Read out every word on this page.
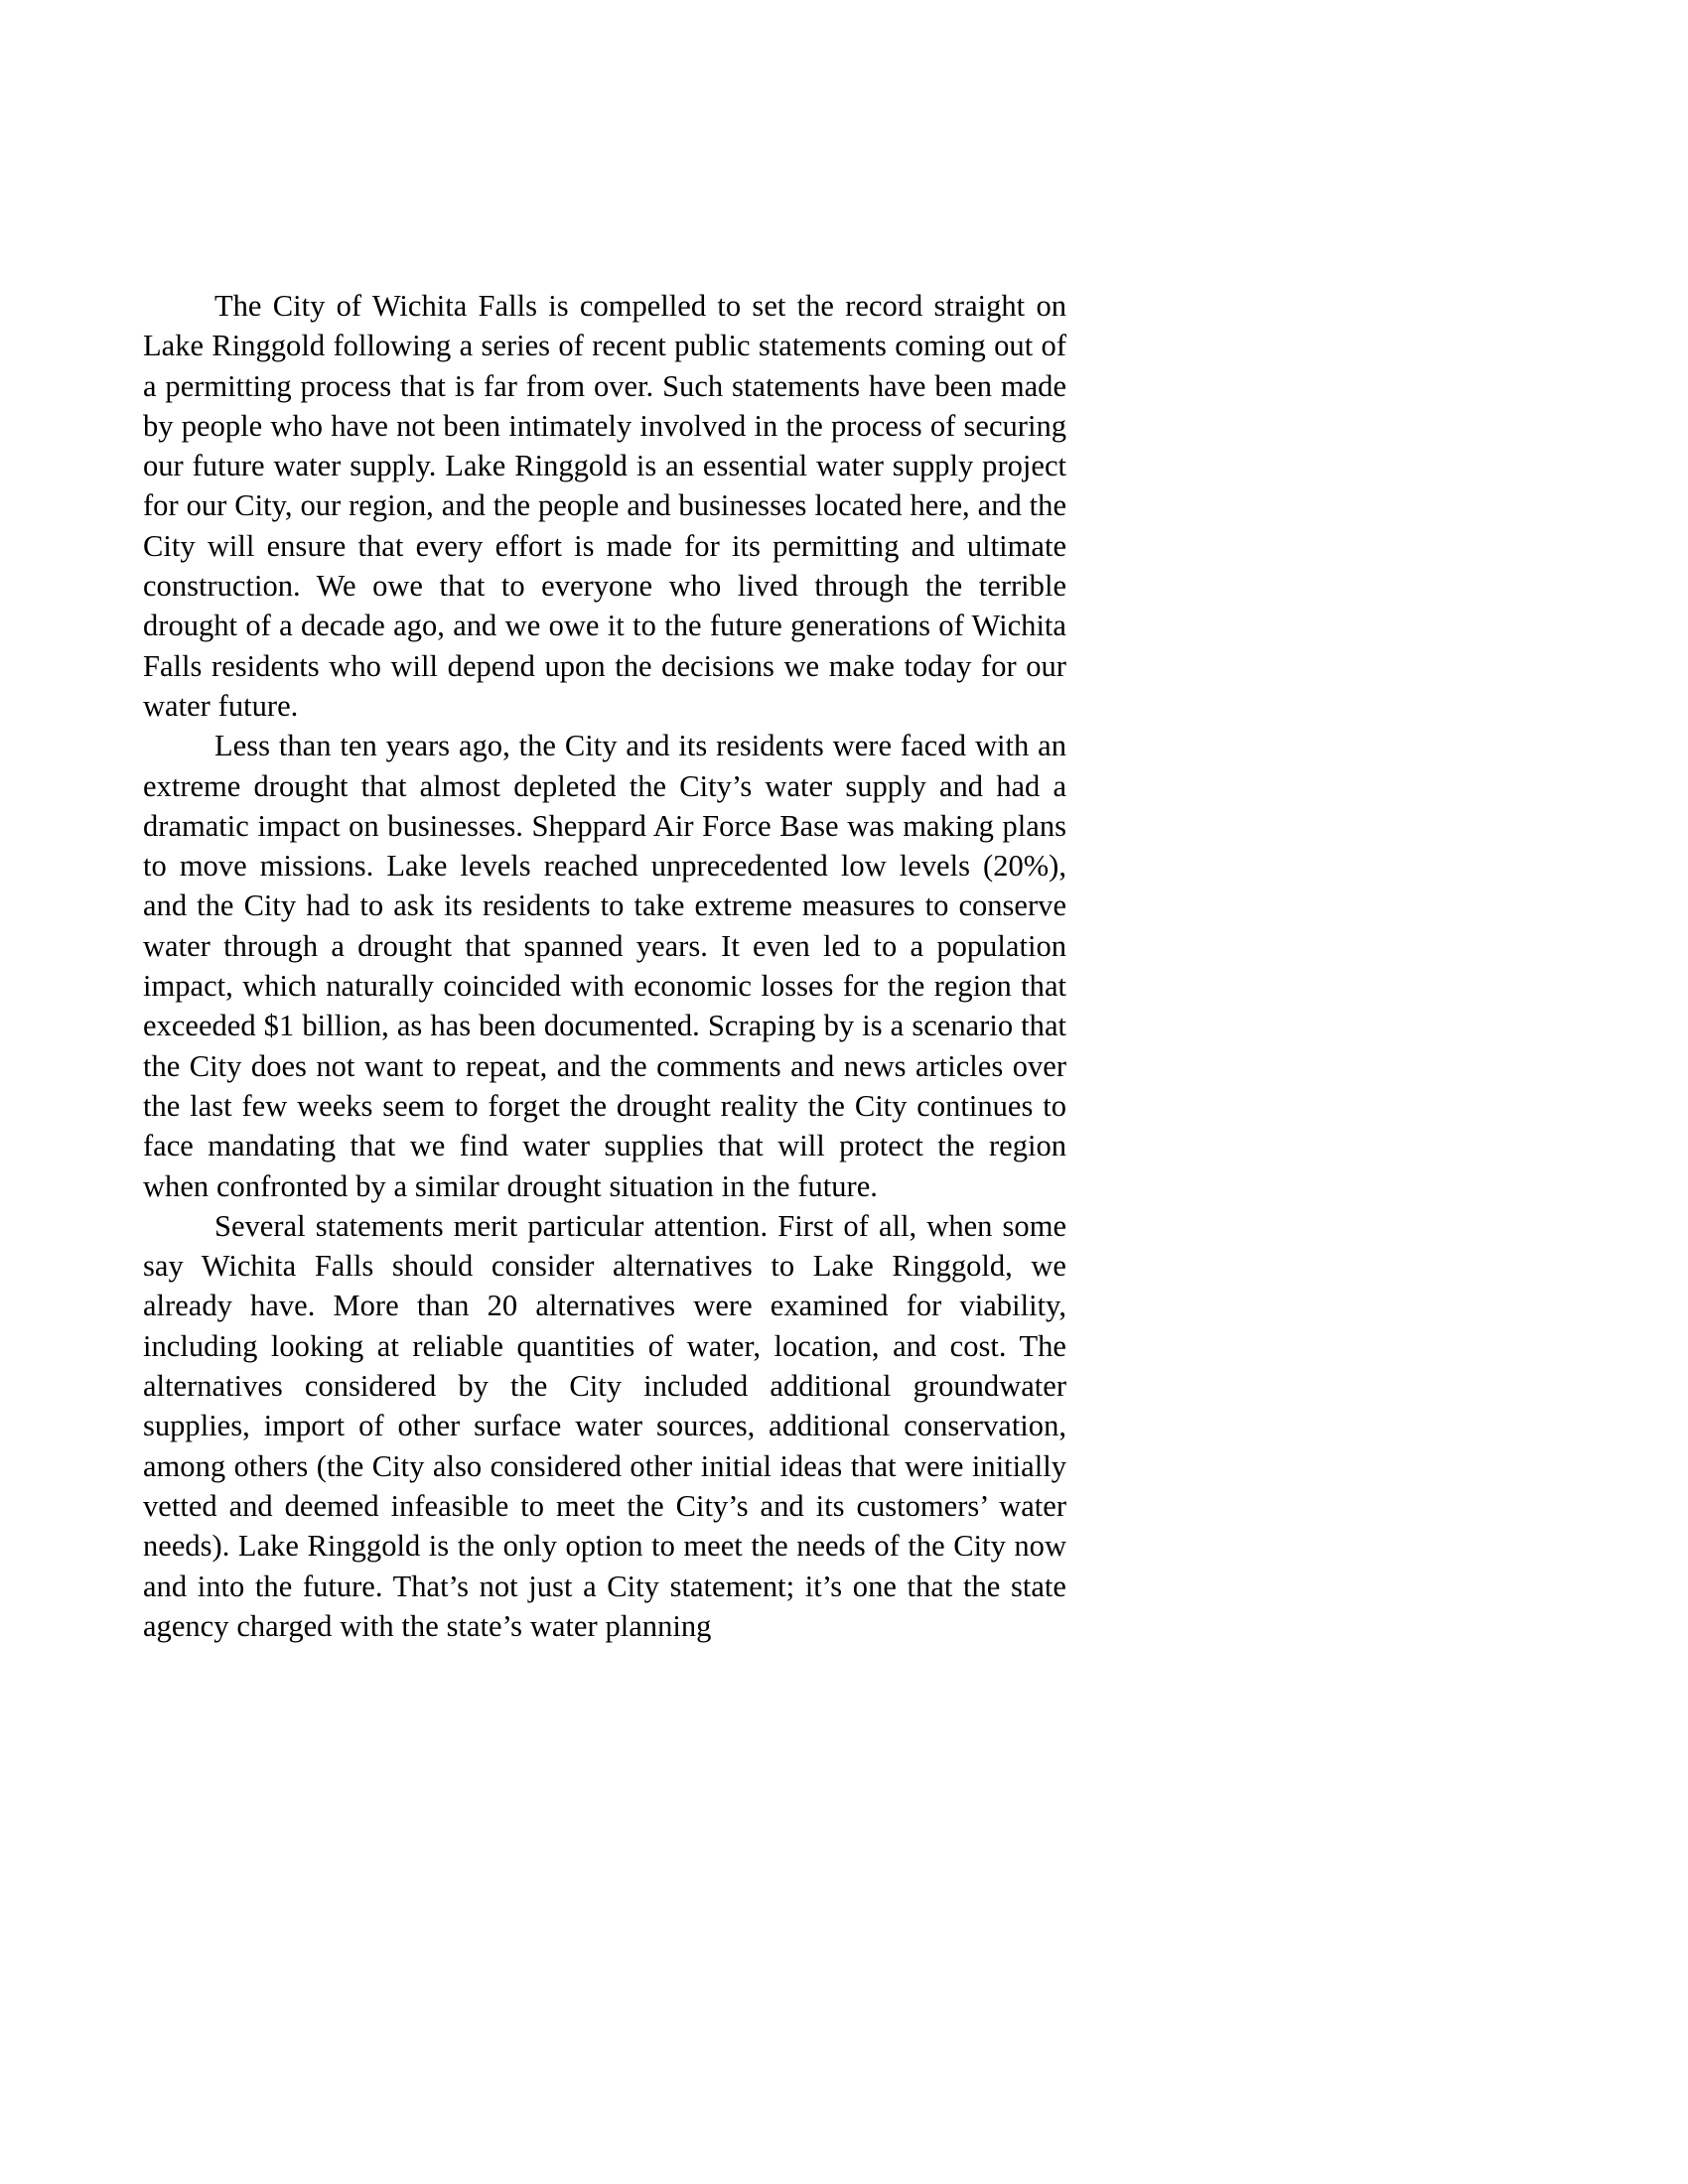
The City of Wichita Falls is compelled to set the record straight on Lake Ringgold following a series of recent public statements coming out of a permitting process that is far from over. Such statements have been made by people who have not been intimately involved in the process of securing our future water supply. Lake Ringgold is an essential water supply project for our City, our region, and the people and businesses located here, and the City will ensure that every effort is made for its permitting and ultimate construction. We owe that to everyone who lived through the terrible drought of a decade ago, and we owe it to the future generations of Wichita Falls residents who will depend upon the decisions we make today for our water future.

Less than ten years ago, the City and its residents were faced with an extreme drought that almost depleted the City’s water supply and had a dramatic impact on businesses. Sheppard Air Force Base was making plans to move missions. Lake levels reached unprecedented low levels (20%), and the City had to ask its residents to take extreme measures to conserve water through a drought that spanned years. It even led to a population impact, which naturally coincided with economic losses for the region that exceeded $1 billion, as has been documented. Scraping by is a scenario that the City does not want to repeat, and the comments and news articles over the last few weeks seem to forget the drought reality the City continues to face mandating that we find water supplies that will protect the region when confronted by a similar drought situation in the future.

Several statements merit particular attention. First of all, when some say Wichita Falls should consider alternatives to Lake Ringgold, we already have. More than 20 alternatives were examined for viability, including looking at reliable quantities of water, location, and cost. The alternatives considered by the City included additional groundwater supplies, import of other surface water sources, additional conservation, among others (the City also considered other initial ideas that were initially vetted and deemed infeasible to meet the City’s and its customers’ water needs). Lake Ringgold is the only option to meet the needs of the City now and into the future. That’s not just a City statement; it’s one that the state agency charged with the state’s water planning
